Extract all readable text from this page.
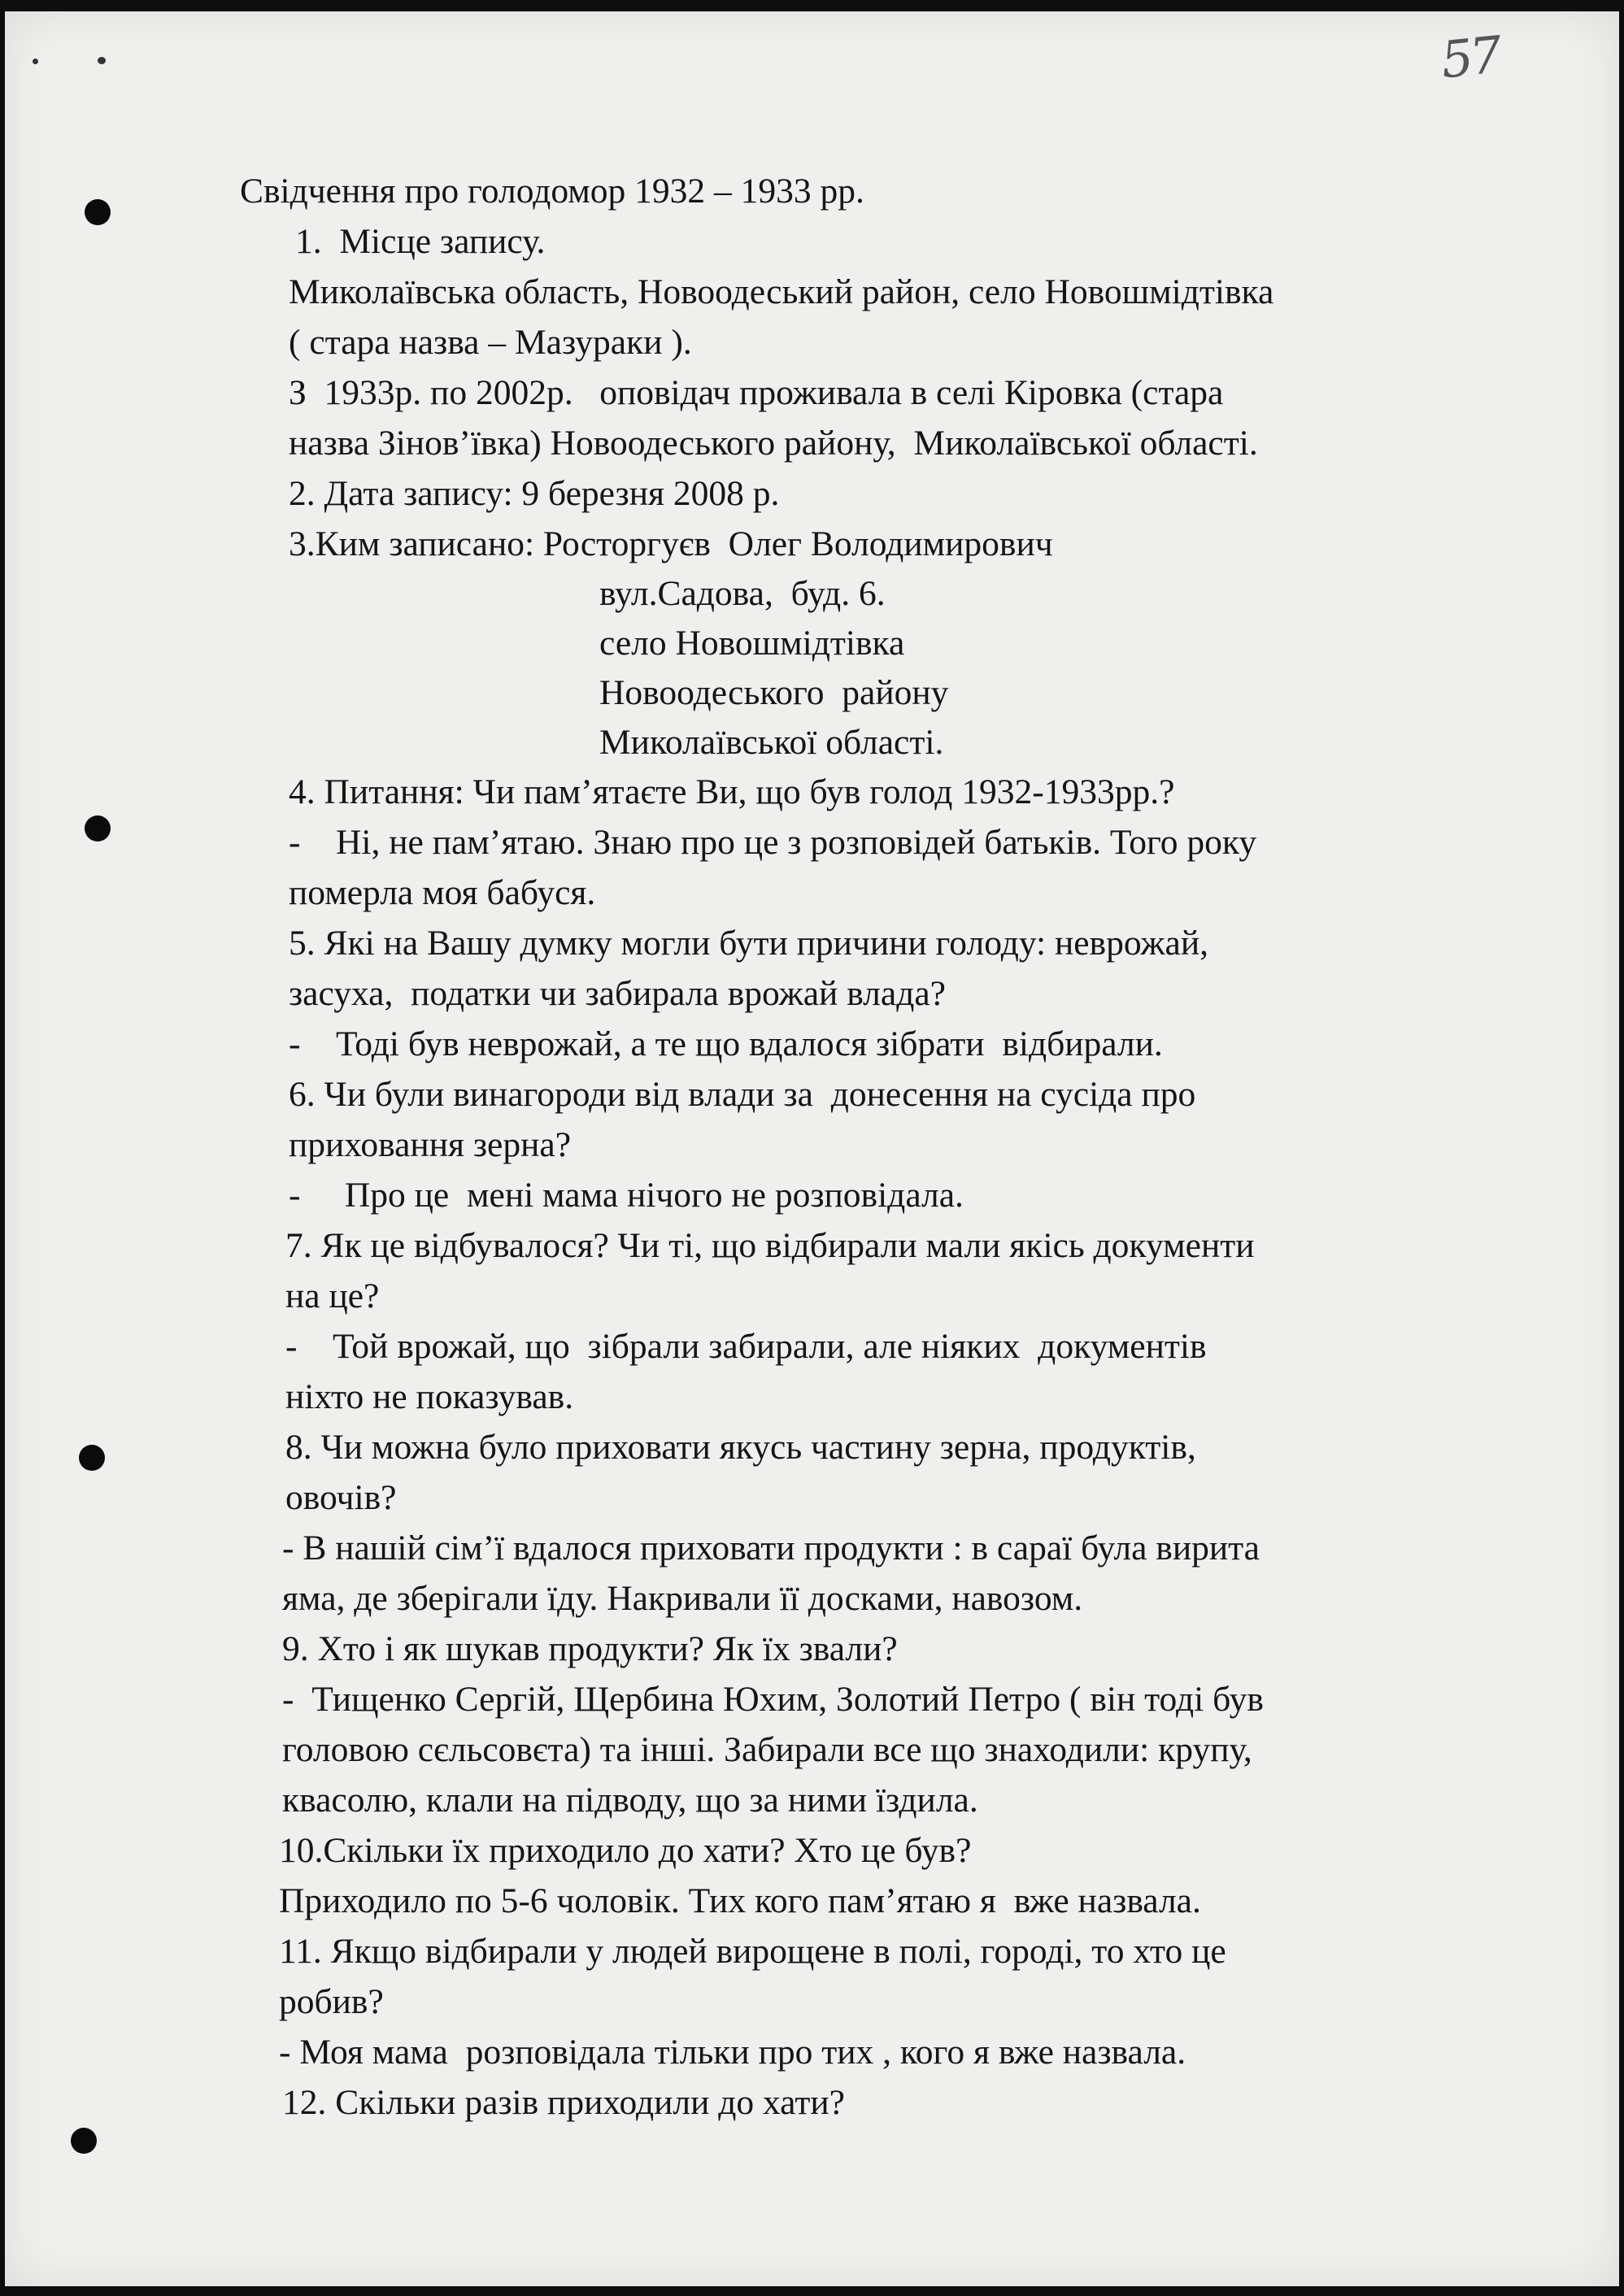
57
Свідчення про голодомор 1932 – 1933 рр.
1.  Місце запису.
Миколаївська область, Новоодеський район, село Новошмідтівка
( стара назва – Мазураки ).
З  1933р. по 2002р.   оповідач проживала в селі Кіровка (стара
назва Зінов’ївка) Новоодеського району,  Миколаївської області.
2. Дата запису: 9 березня 2008 р.
3.Ким записано: Росторгуєв  Олег Володимирович
вул.Садова,  буд. 6.
село Новошмідтівка
Новоодеського  району
Миколаївської області.
4. Питання: Чи пам’ятаєте Ви, що був голод 1932-1933рр.?
-    Ні, не пам’ятаю. Знаю про це з розповідей батьків. Того року
померла моя бабуся.
5. Які на Вашу думку могли бути причини голоду: неврожай,
засуха,  податки чи забирала врожай влада?
-    Тоді був неврожай, а те що вдалося зібрати  відбирали.
6. Чи були винагороди від влади за  донесення на сусіда про
приховання зерна?
-     Про це  мені мама нічого не розповідала.
7. Як це відбувалося? Чи ті, що відбирали мали якісь документи
на це?
-    Той врожай, що  зібрали забирали, але ніяких  документів
ніхто не показував.
8. Чи можна було приховати якусь частину зерна, продуктів,
овочів?
- В нашій сім’ї вдалося приховати продукти : в сараї була вирита
яма, де зберігали їду. Накривали її досками, навозом.
9. Хто і як шукав продукти? Як їх звали?
-  Тищенко Сергій, Щербина Юхим, Золотий Петро ( він тоді був
головою сєльсовєта) та інші. Забирали все що знаходили: крупу,
квасолю, клали на підводу, що за ними їздила.
10.Скільки їх приходило до хати? Хто це був?
Приходило по 5-6 чоловік. Тих кого пам’ятаю я  вже назвала.
11. Якщо відбирали у людей вирощене в полі, городі, то хто це
робив?
- Моя мама  розповідала тільки про тих , кого я вже назвала.
12. Скільки разів приходили до хати?
